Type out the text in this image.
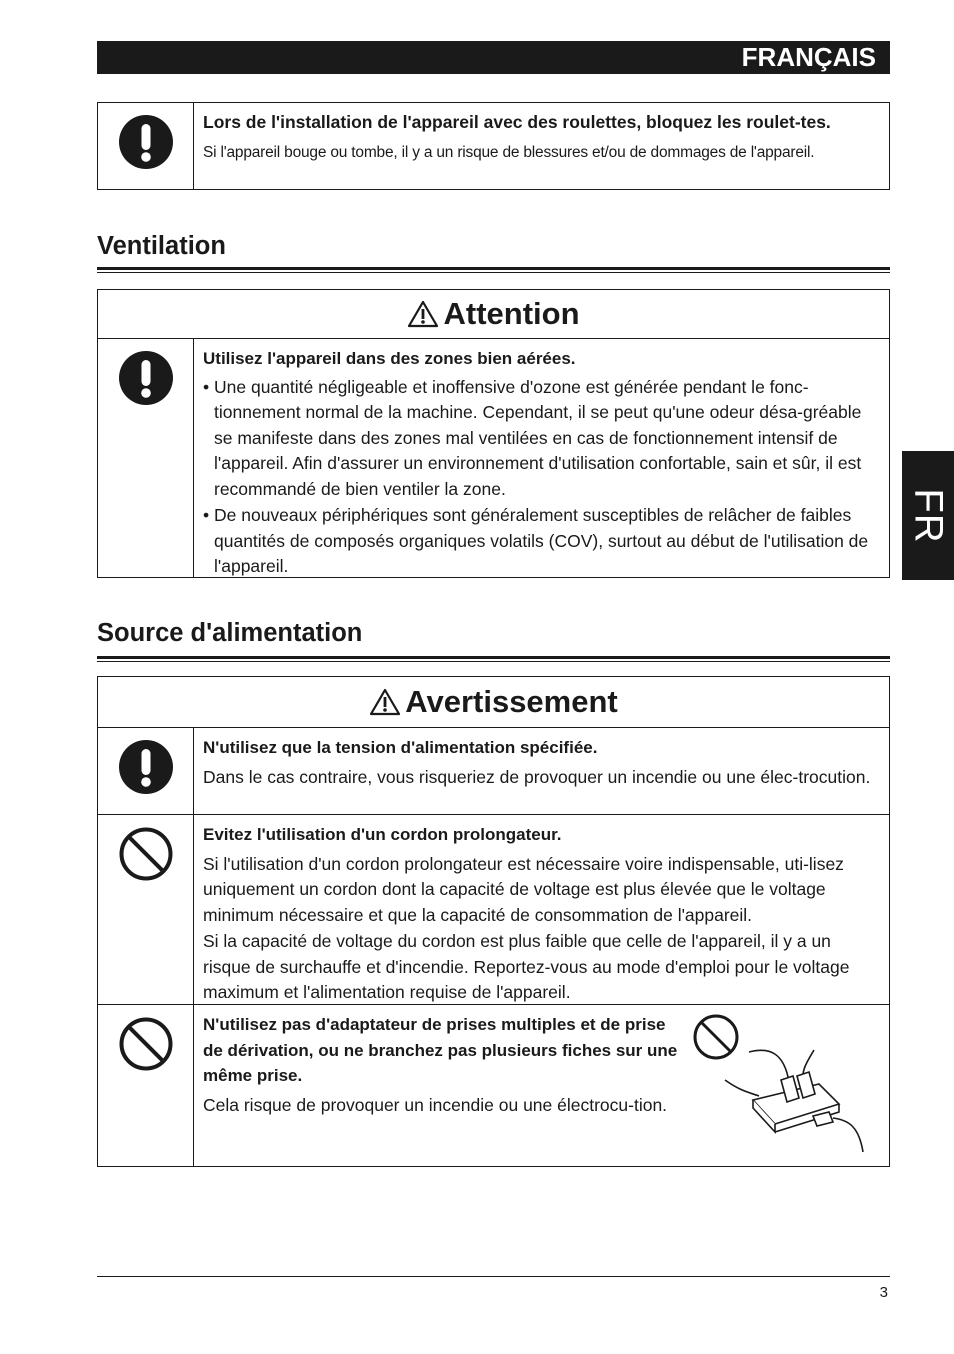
FRANÇAIS
FR
Lors de l'installation de l'appareil avec des roulettes, bloquez les roulet-tes.
Si l'appareil bouge ou tombe, il y a un risque de blessures et/ou de dommages de l'appareil.
Ventilation
Attention
Utilisez l'appareil dans des zones bien aérées.
• Une quantité négligeable et inoffensive d'ozone est générée pendant le fonc-tionnement normal de la machine. Cependant, il se peut qu'une odeur désa-gréable se manifeste dans des zones mal ventilées en cas de fonctionnement intensif de l'appareil. Afin d'assurer un environnement d'utilisation confortable, sain et sûr, il est recommandé de bien ventiler la zone.
• De nouveaux périphériques sont généralement susceptibles de relâcher de faibles quantités de composés organiques volatils (COV), surtout au début de l'utilisation de l'appareil.
Source d'alimentation
Avertissement
N'utilisez que la tension d'alimentation spécifiée.
Dans le cas contraire, vous risqueriez de provoquer un incendie ou une élec-trocution.
Evitez l'utilisation d'un cordon prolongateur.
Si l'utilisation d'un cordon prolongateur est nécessaire voire indispensable, uti-lisez uniquement un cordon dont la capacité de voltage est plus élevée que le voltage minimum nécessaire et que la capacité de consommation de l'appareil.
Si la capacité de voltage du cordon est plus faible que celle de l'appareil, il y a un risque de surchauffe et d'incendie. Reportez-vous au mode d'emploi pour le voltage maximum et l'alimentation requise de l'appareil.
N'utilisez pas d'adaptateur de prises multiples et de prise de dérivation, ou ne branchez pas plusieurs fiches sur une même prise.
Cela risque de provoquer un incendie ou une électrocu-tion.
3
